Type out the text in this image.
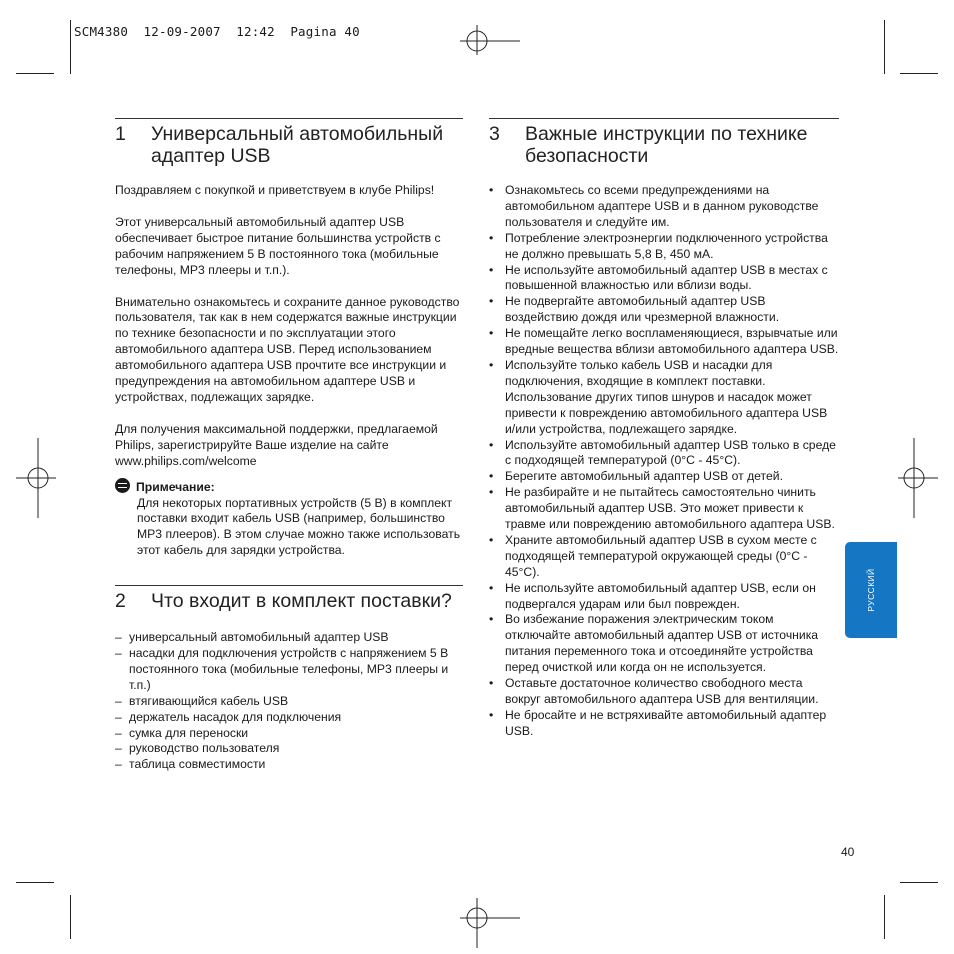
SCM4380  12-09-2007  12:42  Pagina 40
1	Универсальный автомобильный
адаптер USB

Поздравляем с покупкой и приветствуем в клубе Philips!

Этот универсальный автомобильный адаптер USB обеспечивает быстрое питание большинства устройств с рабочим напряжением 5 В постоянного тока (мобильные телефоны, MP3 плееры и т.п.).

Внимательно ознакомьтесь и сохраните данное руководство пользователя, так как в нем содержатся важные инструкции по технике безопасности и по эксплуатации этого автомобильного адаптера USB. Перед использованием автомобильного адаптера USB прочтите все инструкции и предупреждения на автомобильном адаптере USB и устройствах, подлежащих зарядке.

Для получения максимальной поддержки, предлагаемой Philips, зарегистрируйте Ваше изделие на сайте www.philips.com/welcome

Примечание:

Для некоторых портативных устройств (5 В) в комплект поставки входит кабель USB (например, большинство MP3 плееров). В этом случае можно также использовать этот кабель для зарядки устройства.

2	Что входит в комплект поставки?
– универсальный автомобильный адаптер USB
– насадки для подключения устройств с напряжением 5 В постоянного тока (мобильные телефоны, MP3 плееры и т.п.)
– втягивающийся кабель USB
– держатель насадок для подключения
– сумка для переноски
– руководство пользователя
– таблица совместимости
3	Важные инструкции по технике
безопасности
• Ознакомьтесь со всеми предупреждениями на автомобильном адаптере USB и в данном руководстве пользователя и следуйте им.
• Потребление электроэнергии подключенного устройства не должно превышать 5,8 В, 450 мА.
• Не используйте автомобильный адаптер USB в местах с повышенной влажностью или вблизи воды.
• Не подвергайте автомобильный адаптер USB воздействию дождя или чрезмерной влажности.
• Не помещайте легко воспламеняющиеся, взрывчатые или вредные вещества вблизи автомобильного адаптера USB.
• Используйте только кабель USB и насадки для подключения, входящие в комплект поставки. Использование других типов шнуров и насадок может привести к повреждению автомобильного адаптера USB и/или устройства, подлежащего зарядке.
• Используйте автомобильный адаптер USB только в среде с подходящей температурой (0°C - 45°C).
• Берегите автомобильный адаптер USB от детей.
• Не разбирайте и не пытайтесь самостоятельно чинить автомобильный адаптер USB. Это может привести к травме или повреждению автомобильного адаптера USB.
• Храните автомобильный адаптер USB в сухом месте с подходящей температурой окружающей среды (0°C - 45°C).
• Не используйте автомобильный адаптер USB, если он подвергался ударам или был поврежден.
• Во избежание поражения электрическим током отключайте автомобильный адаптер USB от источника питания переменного тока и отсоединяйте устройства перед очисткой или когда он не используется.
• Оставьте достаточное количество свободного места вокруг автомобильного адаптера USB для вентиляции.
• Не бросайте и не встряхивайте автомобильный адаптер USB.
РУССКИЙ
40
